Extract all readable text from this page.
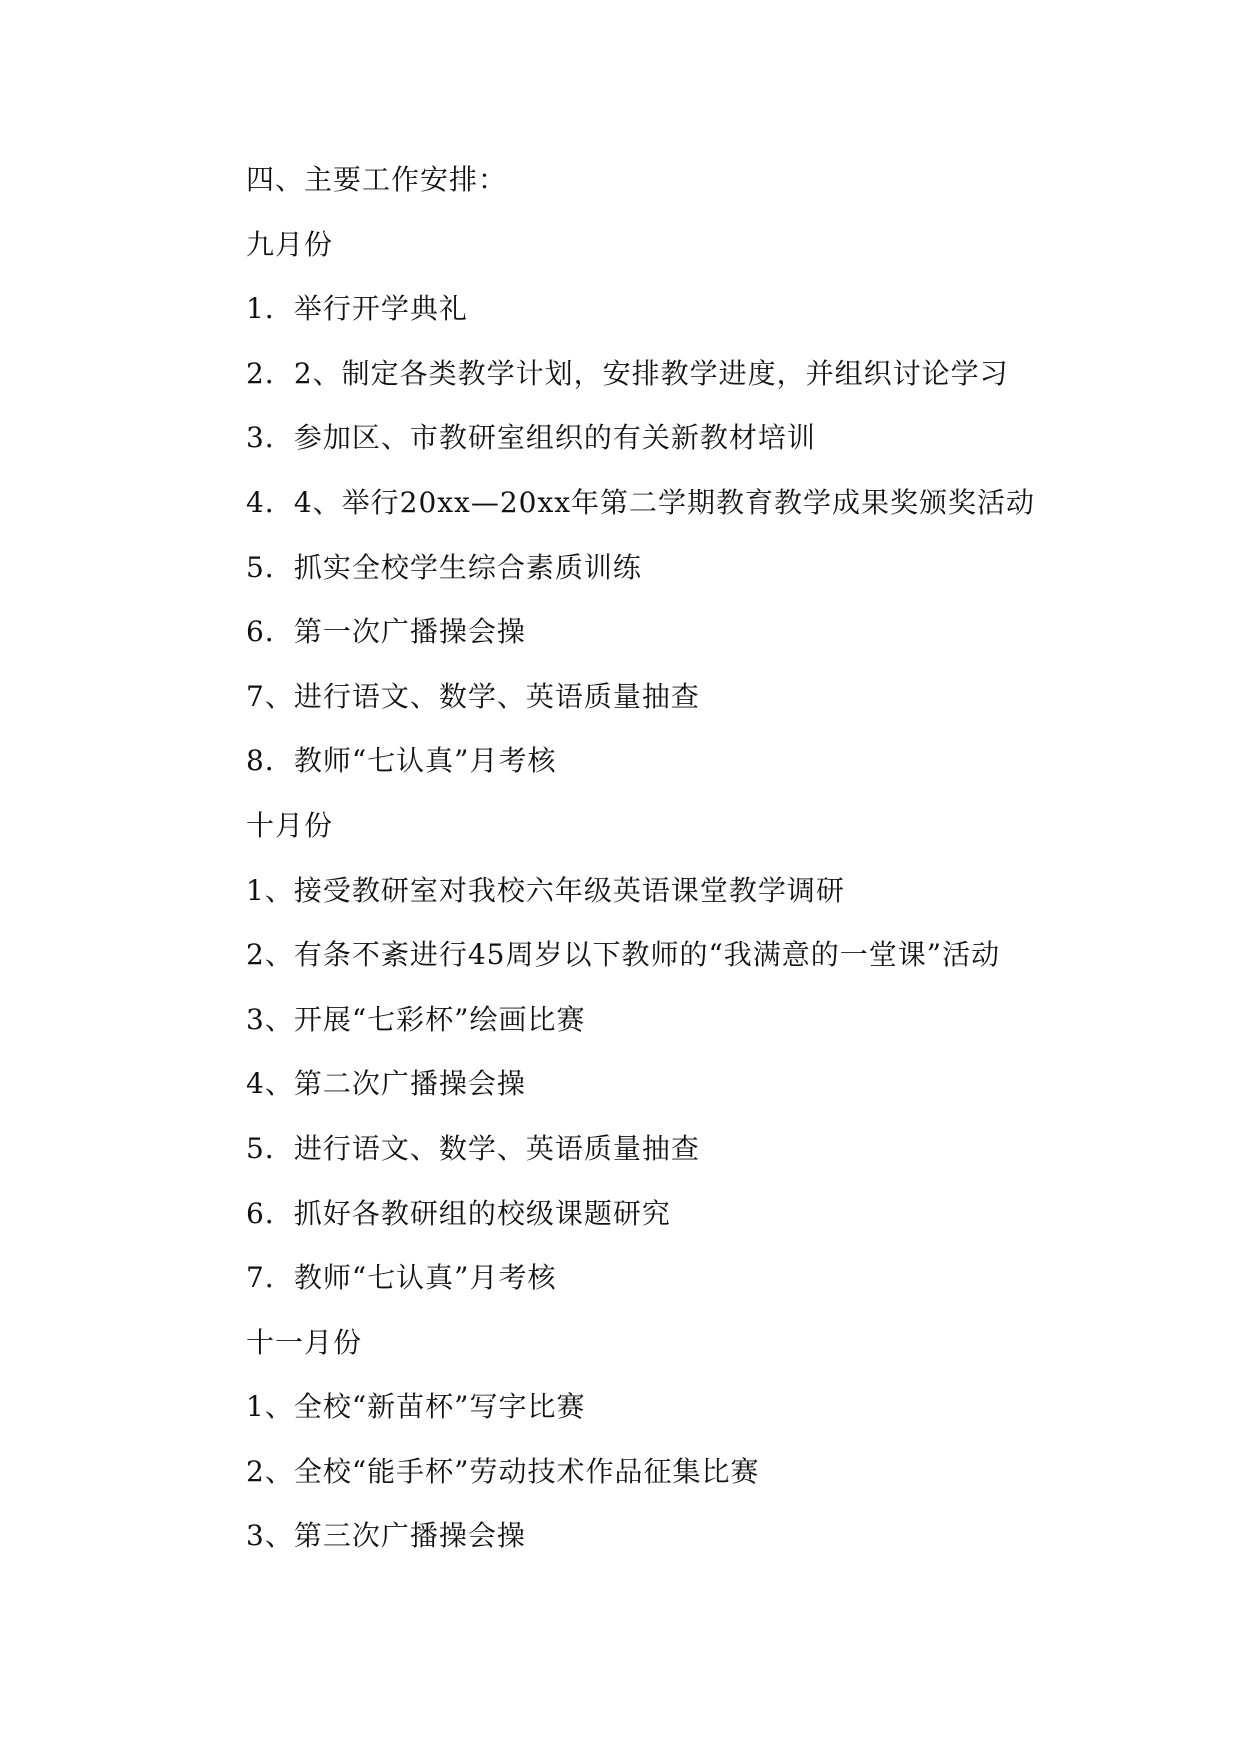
四、主要工作安排：
九月份
1．举行开学典礼
2．2、制定各类教学计划，安排教学进度，并组织讨论学习
3．参加区、市教研室组织的有关新教材培训
4．4、举行20xx—20xx年第二学期教育教学成果奖颁奖活动
5．抓实全校学生综合素质训练
6．第一次广播操会操
7、进行语文、数学、英语质量抽查
8．教师“七认真”月考核
十月份
1、接受教研室对我校六年级英语课堂教学调研
2、有条不紊进行45周岁以下教师的“我满意的一堂课”活动
3、开展“七彩杯”绘画比赛
4、第二次广播操会操
5．进行语文、数学、英语质量抽查
6．抓好各教研组的校级课题研究
7．教师“七认真”月考核
十一月份
1、全校“新苗杯”写字比赛
2、全校“能手杯”劳动技术作品征集比赛
3、第三次广播操会操
